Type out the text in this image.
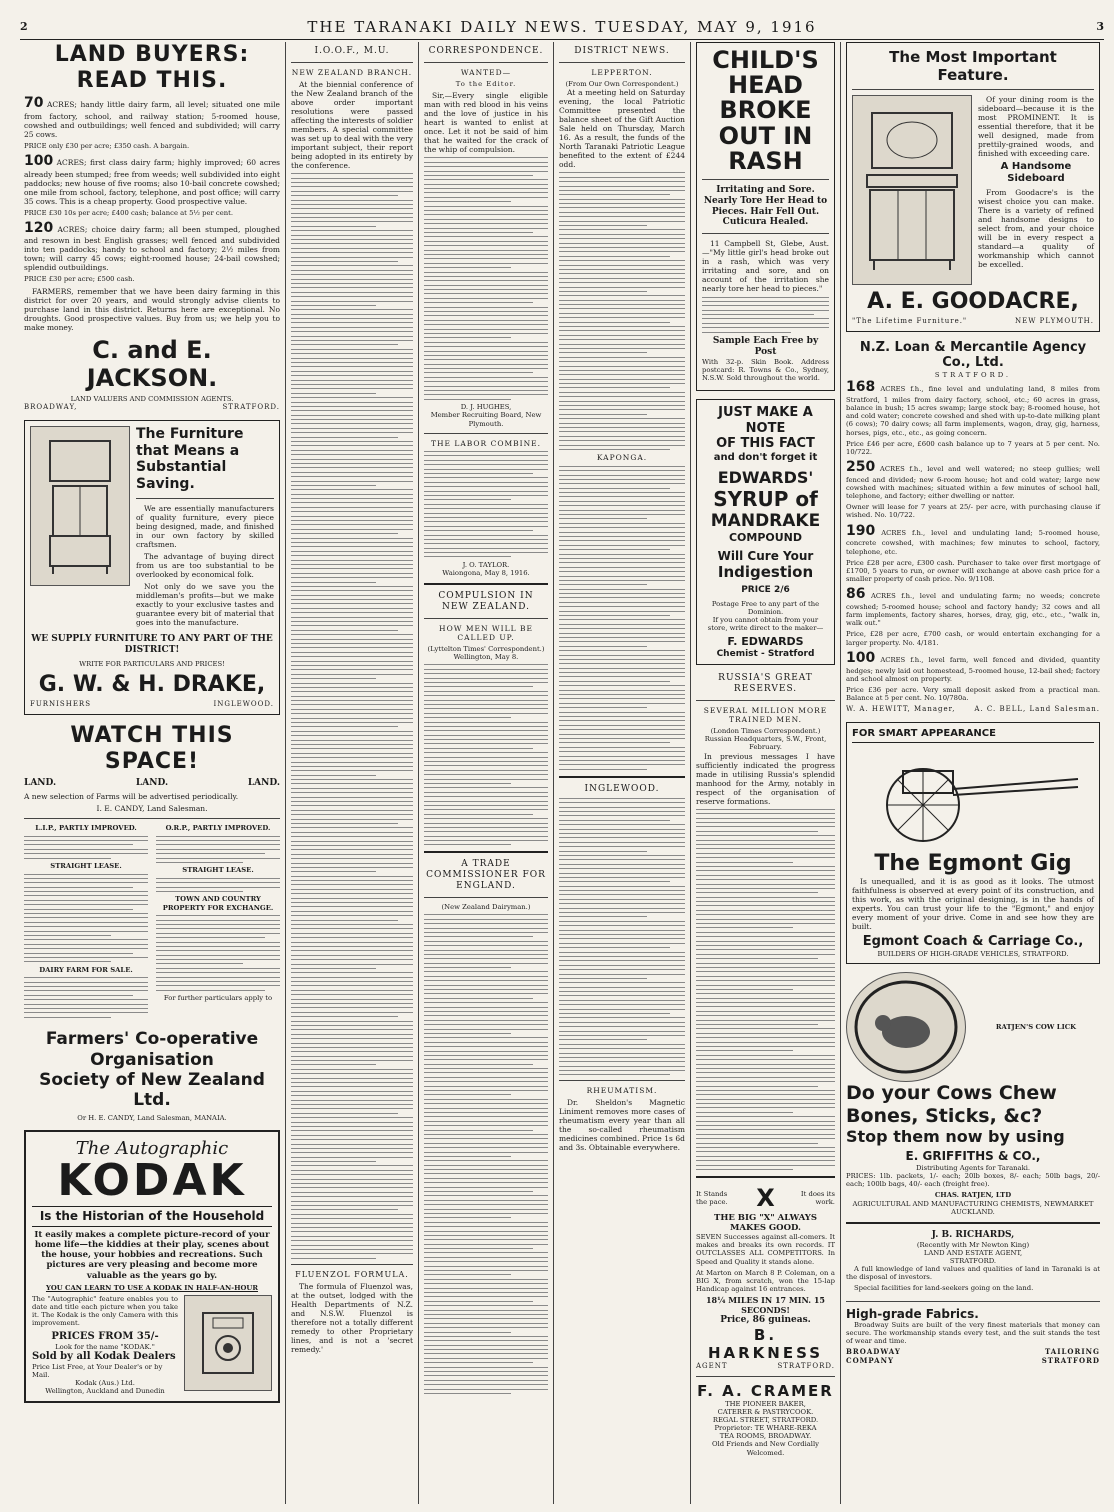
2	THE TARANAKI DAILY NEWS. TUESDAY, MAY 9, 1916	3
LAND BUYERS: READ THIS.

70 ACRES; handy little dairy farm, all level; situated one mile from factory, school, and railway station; 5-roomed house, cowshed and outbuildings; well fenced and subdivided; will carry 25 cows.

PRICE only £30 per acre; £350 cash. A bargain.

100 ACRES; first class dairy farm; highly improved; 60 acres already been stumped; free from weeds; well subdivided into eight paddocks; new house of five rooms; also 10-bail concrete cowshed; one mile from school, factory, telephone, and post office; will carry 35 cows. This is a cheap property. Good prospective value.

PRICE £30 10s per acre; £400 cash; balance at 5½ per cent.

120 ACRES; choice dairy farm; all been stumped, ploughed and resown in best English grasses; well fenced and subdivided into ten paddocks; handy to school and factory; 2½ miles from town; will carry 45 cows; eight-roomed house; 24-bail cowshed; splendid outbuildings.

PRICE £30 per acre; £500 cash.

FARMERS, remember that we have been dairy farming in this district for over 20 years, and would strongly advise clients to purchase land in this district. Returns here are exceptional. No droughts. Good prospective values. Buy from us; we help you to make money.

C. and E. JACKSON.
LAND VALUERS AND COMMISSION AGENTS.
BROADWAY,	STRATFORD.
The Furniture that Means a Substantial Saving.

We are essentially manufacturers of quality furniture, every piece being designed, made, and finished in our own factory by skilled craftsmen.

The advantage of buying direct from us are too substantial to be overlooked by economical folk.

Not only do we save you the middleman's profits—but we make exactly to your exclusive tastes and guarantee every bit of material that goes into the manufacture.

WE SUPPLY FURNITURE TO ANY PART OF THE DISTRICT!
WRITE FOR PARTICULARS AND PRICES!
G. W. & H. DRAKE,
FURNISHERS	INGLEWOOD.
WATCH THIS SPACE!
LAND.	LAND.	LAND.

A new selection of Farms will be advertised periodically.

I. E. CANDY, Land Salesman.
L.I.P., PARTLY IMPROVED.
STRAIGHT LEASE.
DAIRY FARM FOR SALE.
O.R.P., PARTLY IMPROVED.
STRAIGHT LEASE.
TOWN AND COUNTRY PROPERTY FOR EXCHANGE.
For further particulars apply to
Farmers' Co-operative Organisation
Society of New Zealand Ltd.
Or H. E. CANDY, Land Salesman, MANAIA.
The Autographic
KODAK
Is the Historian of the Household

It easily makes a complete picture-record of your home life—the kiddies at their play, scenes about the house, your hobbies and recreations. Such pictures are very pleasing and become more valuable as the years go by.

YOU CAN LEARN TO USE A KODAK IN HALF-AN-HOUR

The "Autographic" feature enables you to date and title each picture when you take it. The Kodak is the only Camera with this improvement.

PRICES FROM 35/-
Look for the name "KODAK."
Sold by all Kodak Dealers
Price List Free, at Your Dealer's or by Mail.
Kodak (Aus.) Ltd.
Wellington, Auckland and Dunedin
I.O.O.F., M.U.
NEW ZEALAND BRANCH.

At the biennial conference of the New Zealand branch of the above order important resolutions were passed affecting the interests of soldier members. A special committee was set up to deal with the very important subject, their report being adopted in its entirety by the conference.

FLUENZOL FORMULA.

The formula of Fluenzol was, at the outset, lodged with the Health Departments of N.Z. and N.S.W. Fluenzol is therefore not a totally different remedy to other Proprietary lines, and is not a 'secret remedy.'

CORRESPONDENCE.
WANTED—
To the Editor.

Sir,—Every single eligible man with red blood in his veins and the love of justice in his heart is wanted to enlist at once. Let it not be said of him that he waited for the crack of the whip of compulsion.

D. J. HUGHES,
Member Recruiting Board, New Plymouth.
THE LABOR COMBINE.
J. O. TAYLOR.
Waiongona, May 8, 1916.
COMPULSION IN NEW ZEALAND.
HOW MEN WILL BE CALLED UP.
(Lyttelton Times' Correspondent.) Wellington, May 8.
A TRADE COMMISSIONER FOR ENGLAND.
(New Zealand Dairyman.)
DISTRICT NEWS.
LEPPERTON.
(From Our Own Correspondent.)

At a meeting held on Saturday evening, the local Patriotic Committee presented the balance sheet of the Gift Auction Sale held on Thursday, March 16. As a result, the funds of the North Taranaki Patriotic League benefited to the extent of £244 odd.

KAPONGA.
INGLEWOOD.
RHEUMATISM.

Dr. Sheldon's Magnetic Liniment removes more cases of rheumatism every year than all the so-called rheumatism medicines combined. Price 1s 6d and 3s. Obtainable everywhere.

CHILD'S HEAD BROKE OUT IN RASH
Irritating and Sore. Nearly Tore Her Head to Pieces. Hair Fell Out. Cuticura Healed.

11 Campbell St, Glebe, Aust.—"My little girl's head broke out in a rash, which was very irritating and sore, and on account of the irritation she nearly tore her head to pieces."

Sample Each Free by Post

With 32-p. Skin Book. Address postcard: R. Towns & Co., Sydney, N.S.W. Sold throughout the world.

JUST MAKE A NOTE
OF THIS FACT
and don't forget it
EDWARDS'
SYRUP of
MANDRAKE
COMPOUND
Will Cure Your
Indigestion
PRICE 2/6
Postage Free to any part of the Dominion.
If you cannot obtain from your store, write direct to the maker—
F. EDWARDS
Chemist - Stratford
RUSSIA'S GREAT RESERVES.
SEVERAL MILLION MORE TRAINED MEN.
(London Times Correspondent.)
Russian Headquarters, S.W., Front, February.

In previous messages I have sufficiently indicated the progress made in utilising Russia's splendid manhood for the Army, notably in respect of the organisation of reserve formations.

It Stands the pace.	X	It does its work.
THE BIG "X" ALWAYS MAKES GOOD.

SEVEN Successes against all-comers. It makes and breaks its own records. IT OUTCLASSES ALL COMPETITORS. In Speed and Quality it stands alone.

At Marton on March 8 P. Coleman, on a BIG X, from scratch, won the 15-lap Handicap against 16 entrances.

18¼ MILES IN 17 MIN. 15 SECONDS!
Price, 86 guineas.
B. HARKNESS
AGENT	STRATFORD.
F. A. CRAMER
THE PIONEER BAKER,
CATERER & PASTRYCOOK.
REGAL STREET, STRATFORD.
Proprietor: TE WHARE-REKA
TEA ROOMS, BROADWAY.
Old Friends and New Cordially Welcomed.
The Most Important Feature.

Of your dining room is the sideboard—because it is the most PROMINENT. It is essential therefore, that it be well designed, made from prettily-grained woods, and finished with exceeding care.

A Handsome Sideboard

From Goodacre's is the wisest choice you can make. There is a variety of refined and handsome designs to select from, and your choice will be in every respect a standard—a quality of workmanship which cannot be excelled.

A. E. GOODACRE,
"The Lifetime Furniture."	NEW PLYMOUTH.
N.Z. Loan & Mercantile Agency Co., Ltd.
STRATFORD.

168 ACRES f.h., fine level and undulating land, 8 miles from Stratford, 1 miles from dairy factory, school, etc.; 60 acres in grass, balance in bush; 15 acres swamp; large stock bay; 8-roomed house, hot and cold water; concrete cowshed and shed with up-to-date milking plant (6 cows); 70 dairy cows; all farm implements, wagon, dray, gig, harness, horses, pigs, etc., etc., as going concern.

Price £46 per acre, £600 cash balance up to 7 years at 5 per cent. No. 10/722.

250 ACRES f.h., level and well watered; no steep gullies; well fenced and divided; new 6-room house; hot and cold water; large new cowshed with machines; situated within a few minutes of school hall, telephone, and factory; either dwelling or natter.

Owner will lease for 7 years at 25/- per acre, with purchasing clause if wished. No. 10/722.

190 ACRES f.h., level and undulating land; 5-roomed house, concrete cowshed, with machines; few minutes to school, factory, telephone, etc.

Price £28 per acre, £300 cash. Purchaser to take over first mortgage of £1700, 5 years to run, or owner will exchange at above cash price for a smaller property of cash price. No. 9/1108.

86 ACRES f.h., level and undulating farm; no weeds; concrete cowshed; 5-roomed house; school and factory handy; 32 cows and all farm implements, factory shares, horses, dray, gig, etc., etc., "walk in, walk out."

Price, £28 per acre, £700 cash, or would entertain exchanging for a larger property. No. 4/181.

100 ACRES f.h., level farm, well fenced and divided, quantity hedges; newly laid out homestead, 5-roomed house, 12-bail shed; factory and school almost on property.

Price £36 per acre. Very small deposit asked from a practical man. Balance at 5 per cent. No. 10/780a.

W. A. HEWITT, Manager,	A. C. BELL, Land Salesman.
FOR SMART APPEARANCE
The Egmont Gig

Is unequalled, and it is as good as it looks. The utmost faithfulness is observed at every point of its construction, and this work, as with the original designing, is in the hands of experts. You can trust your life to the "Egmont," and enjoy every moment of your drive. Come in and see how they are built.

Egmont Coach & Carriage Co.,
BUILDERS OF HIGH-GRADE VEHICLES, STRATFORD.
RATJEN'S COW LICK
Do your Cows Chew Bones, Sticks, &c?
Stop them now by using
E. GRIFFITHS & CO.,
Distributing Agents for Taranaki.

PRICES: 1lb. packets, 1/- each; 20lb boxes, 8/- each; 50lb bags, 20/- each; 100lb bags, 40/- each (freight free).

CHAS. RATJEN, LTD
AGRICULTURAL AND MANUFACTURING CHEMISTS, NEWMARKET
AUCKLAND.
J. B. RICHARDS,
(Recently with Mr Newton King)
LAND AND ESTATE AGENT,
STRATFORD.

A full knowledge of land values and qualities of land in Taranaki is at the disposal of investors.

Special facilities for land-seekers going on the land.

High-grade Fabrics.

Broadway Suits are built of the very finest materials that money can secure. The workmanship stands every test, and the suit stands the test of wear and time.

BROADWAY	TAILORING
COMPANY	STRATFORD
